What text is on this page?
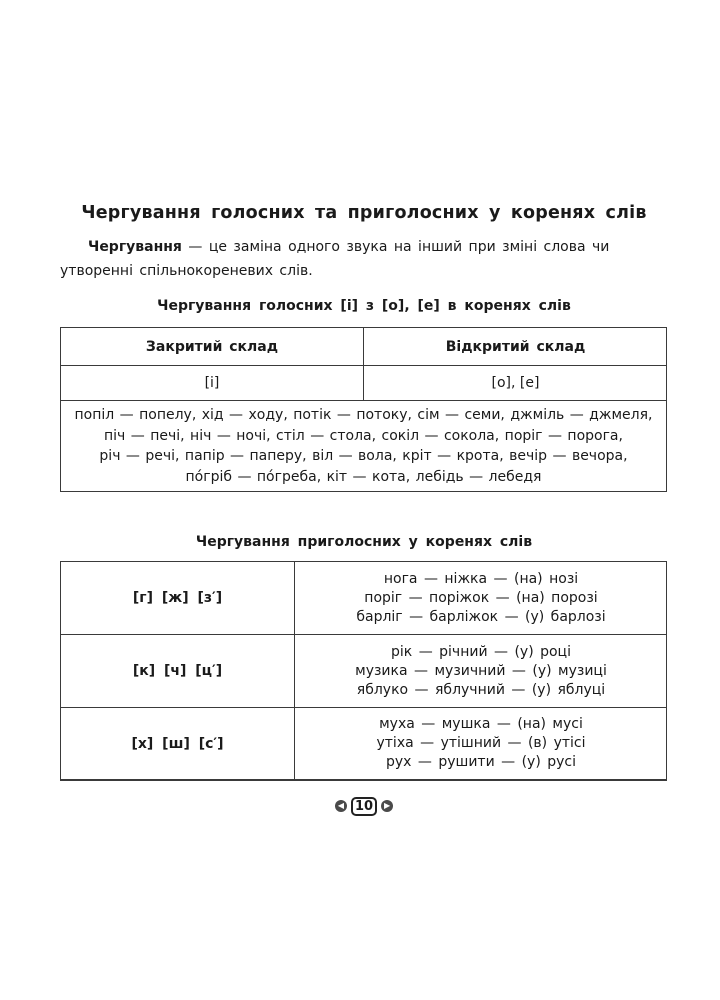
Чергування голосних та приголосних у коренях слів
Чергування — це заміна одного звука на інший при зміні слова чи утворенні спільнокореневих слів.
Чергування голосних [і] з [о], [е] в коренях слів
Закритий склад	Відкритий склад
[і]	[о], [е]
попіл — попелу, хід — ходу, потік — потоку, сім — семи, джміль — джмеля,
піч — печі, ніч — ночі, стіл — стола, сокіл — сокола, поріг — порога,
річ — речі, папір — паперу, віл — вола, кріт — крота, вечір — вечора,
по́гріб — по́греба, кіт — кота, лебідь — лебедя
Чергування приголосних у коренях слів
[г] [ж] [з′]
нога — ніжка — (на) нозі
поріг — поріжок — (на) порозі
барліг — барліжок — (у) барлозі
[к] [ч] [ц′]
рік — річний — (у) році
музика — музичний — (у) музиці
яблуко — яблучний — (у) яблуці
[х] [ш] [с′]
муха — мушка — (на) мусі
утіха — утішний — (в) утісі
рух — рушити — (у) русі
◀ 10	▶
